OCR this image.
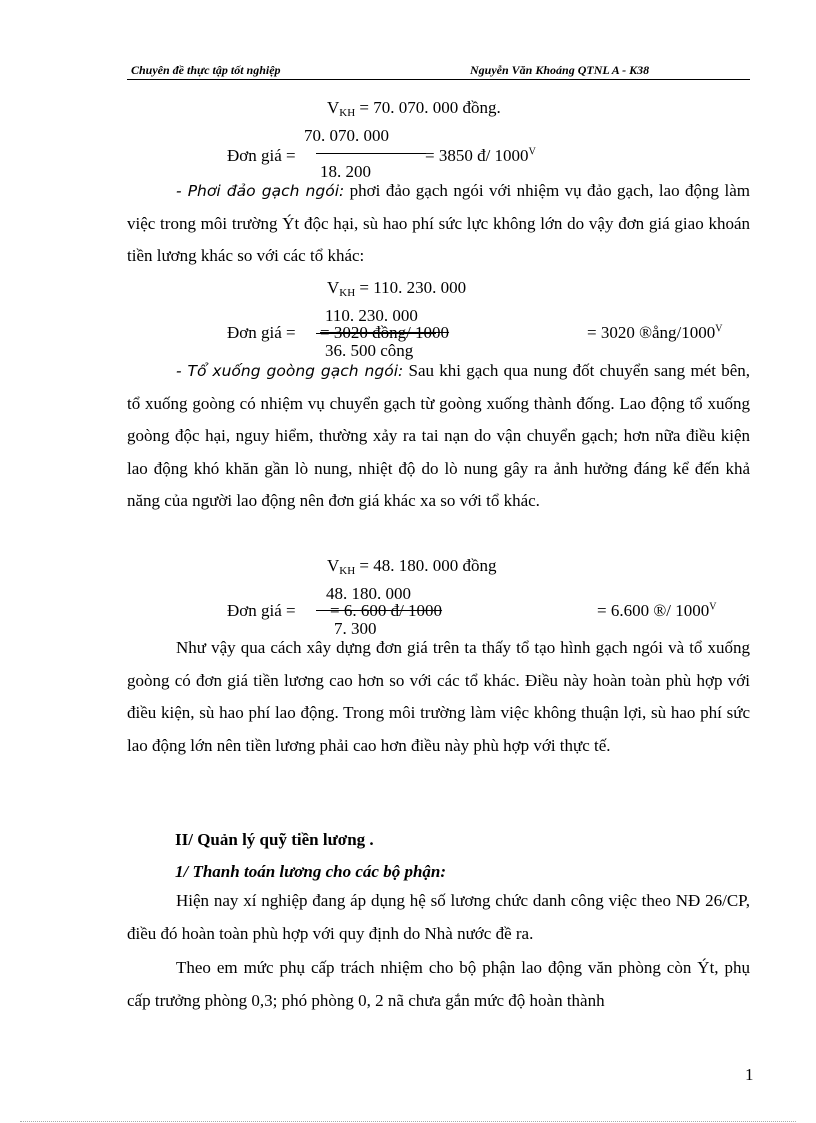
Chuyên đề thực tập tốt nghiệp	Nguyễn Văn Khoáng QTNL A - K38
$V_{KH} = 70$. 070. 000 đồng.
70. 070. 000
Đơn giá =	= 3850 đ/ $1000^V$
18. 200
- Phơi đảo gạch ngói: phơi đảo gạch ngói với nhiệm vụ đảo gạch, lao động làm việc trong môi trường Ýt độc hại, sù hao phí sức lực không lớn do vậy đơn giá giao khoán tiền lương khác so với các tổ khác:
$V_{KH} = 110$. 230. 000
110. 230. 000
Đơn giá = = 3020 đồng/ 1000	= 3020 $®ång/1000^V$
36. 500 công
- Tổ xuống goòng gạch ngói: Sau khi gạch qua nung đốt chuyển sang mét bên, tổ xuống goòng có nhiệm vụ chuyển gạch từ goòng xuống thành đống. Lao động tổ xuống goòng độc hại, nguy hiểm, thường xảy ra tai nạn do vận chuyển gạch; hơn nữa điều kiện lao động khó khăn gần lò nung, nhiệt độ do lò nung gây ra ảnh hưởng đáng kể đến khả năng của người lao động nên đơn giá khác xa so với tổ khác.
$V_{KH} = 48$. 180. 000 đồng
48. 180. 000
Đơn giá = = 6. 600 đ/ 1000	= 6.600 ®/ $1000^V$
7. 300
Như vậy qua cách xây dựng đơn giá trên ta thấy tổ tạo hình gạch ngói và tổ xuống goòng có đơn giá tiền lương cao hơn so với các tổ khác. Điều này hoàn toàn phù hợp với điều kiện, sù hao phí lao động. Trong môi trường làm việc không thuận lợi, sù hao phí sức lao động lớn nên tiền lương phải cao hơn điều này phù hợp với thực tế.
II/ Quản lý quỹ tiền lương .
1/ Thanh toán lương cho các bộ phận:
Hiện nay xí nghiệp đang áp dụng hệ số lương chức danh công việc theo NĐ 26/CP, điều đó hoàn toàn phù hợp với quy định do Nhà nước đề ra.
Theo em mức phụ cấp trách nhiệm cho bộ phận lao động văn phòng còn Ýt, phụ cấp trưởng phòng 0,3; phó phòng 0, 2 nã chưa gắn mức độ hoàn thành
1
